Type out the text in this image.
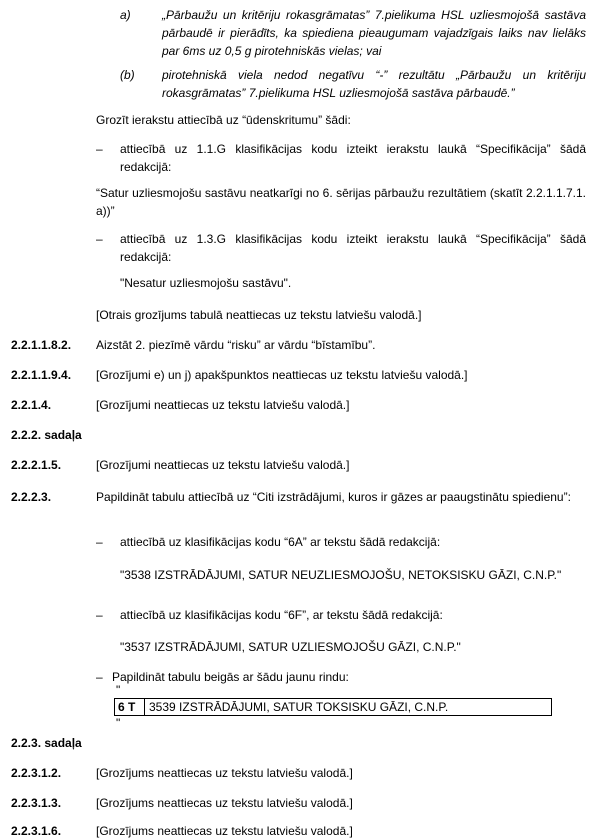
a)	„Pārbaužu un kritēriju rokasgrāmatas” 7.pielikuma HSL uzliesmojošā sastāva pārbaudē ir pierādīts, ka spiediena pieaugumam vajadzīgais laiks nav lielāks par 6ms uz 0,5 g pirotehniskās vielas; vai
(b) pirotehniskā viela nedod negatīvu “-” rezultātu „Pārbaužu un kritēriju rokasgrāmatas” 7.pielikuma HSL uzliesmojošā sastāva pārbaudē.”
Grozīt ierakstu attiecībā uz “ūdenskritumu” šādi:
– attiecībā uz 1.1.G klasifikācijas kodu izteikt ierakstu laukā “Specifikācija” šādā redakcijā:
“Satur uzliesmojošu sastāvu neatkarīgi no 6. sērijas pārbaužu rezultātiem (skatīt 2.2.1.1.7.1. a))”
– attiecībā uz 1.3.G klasifikācijas kodu izteikt ierakstu laukā “Specifikācija” šādā redakcijā:
"Nesatur uzliesmojošu sastāvu".
[Otrais grozījums tabulā neattiecas uz tekstu latviešu valodā.]
2.2.1.1.8.2. Aizstāt 2. piezīmē vārdu “risku” ar vārdu “bīstamību”.
2.2.1.1.9.4. [Grozījumi e) un j) apakšpunktos neattiecas uz tekstu latviešu valodā.]
2.2.1.4.	[Grozījumi neattiecas uz tekstu latviešu valodā.]
2.2.2. sadaļa
2.2.2.1.5.	[Grozījumi neattiecas uz tekstu latviešu valodā.]
2.2.2.3.	Papildināt tabulu attiecībā uz “Citi izstrādājumi, kuros ir gāzes ar paaugstinātu spiedienu”:
– attiecībā uz klasifikācijas kodu “6A” ar tekstu šādā redakcijā:
"3538 IZSTRĀDĀJUMI, SATUR NEUZLIESMOJOŠU, NETOKSISKU GĀZI, C.N.P."
– attiecībā uz klasifikācijas kodu “6F”, ar tekstu šādā redakcijā:
"3537 IZSTRĀDĀJUMI, SATUR UZLIESMOJOŠU GĀZI, C.N.P."
– Papildināt tabulu beigās ar šādu jaunu rindu:
"
6 T	3539 IZSTRĀDĀJUMI, SATUR TOKSISKU GĀZI, C.N.P.
"
2.2.3. sadaļa
2.2.3.1.2.	[Grozījums neattiecas uz tekstu latviešu valodā.]
2.2.3.1.3.	[Grozījums neattiecas uz tekstu latviešu valodā.]
2.2.3.1.6.	[Grozījums neattiecas uz tekstu latviešu valodā.]
